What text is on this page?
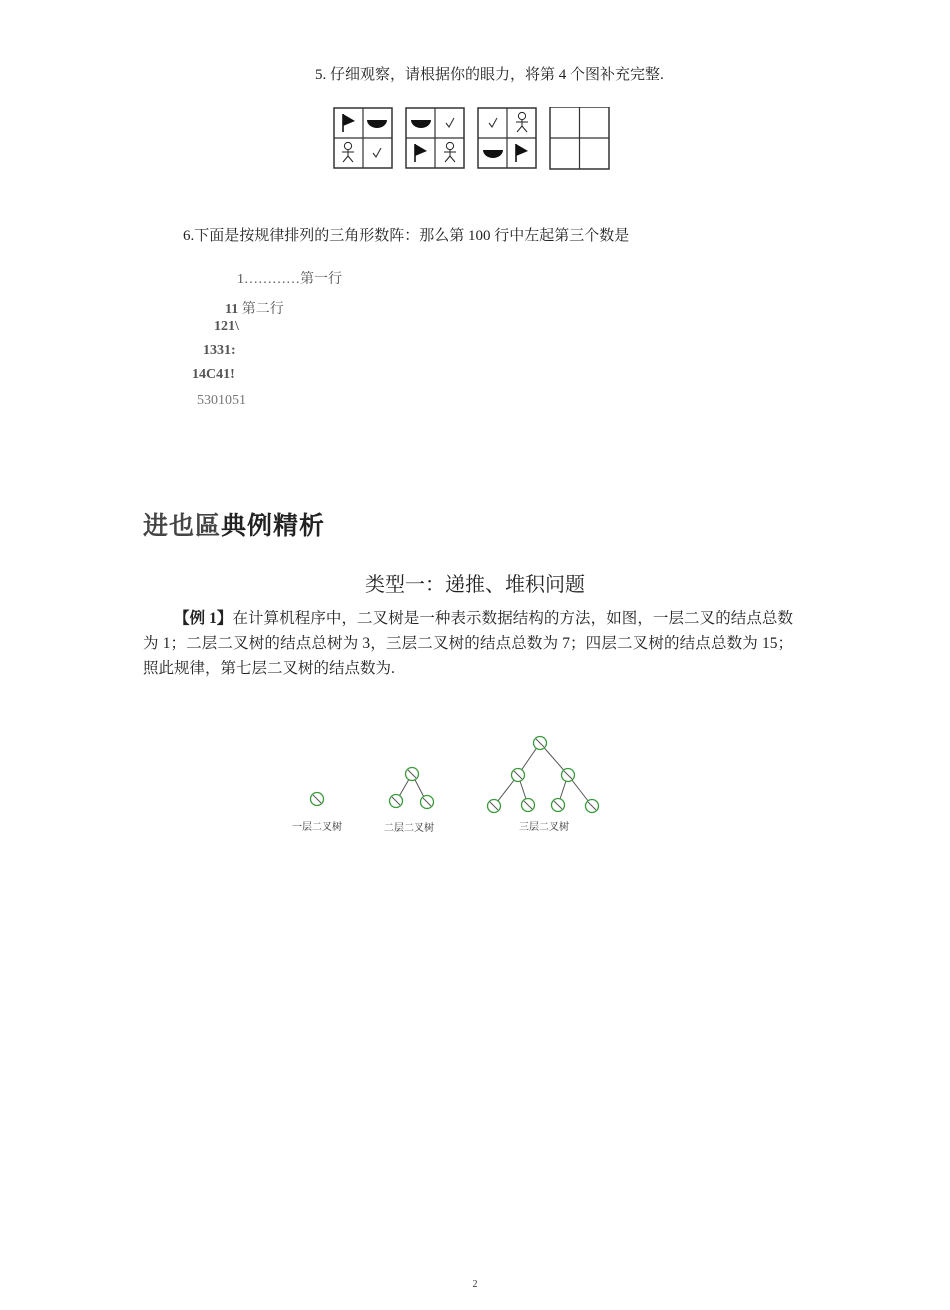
5. 仔细观察，请根据你的眼力，将第 4 个图补充完整.
6.下面是按规律排列的三角形数阵：那么第 100 行中左起第三个数是
1…………第一行
11 第二行
121\
1331:
14C41!
5301051
进也區典例精析
类型一：递推、堆积问题
【例 1】在计算机程序中，二叉树是一种表示数据结构的方法，如图，一层二叉的结点总数为 1；二层二叉树的结点总树为 3，三层二叉树的结点总数为 7；四层二叉树的结点总数为 15；照此规律，第七层二叉树的结点数为.
一层二叉树	二层二叉树	三层二叉树
2
